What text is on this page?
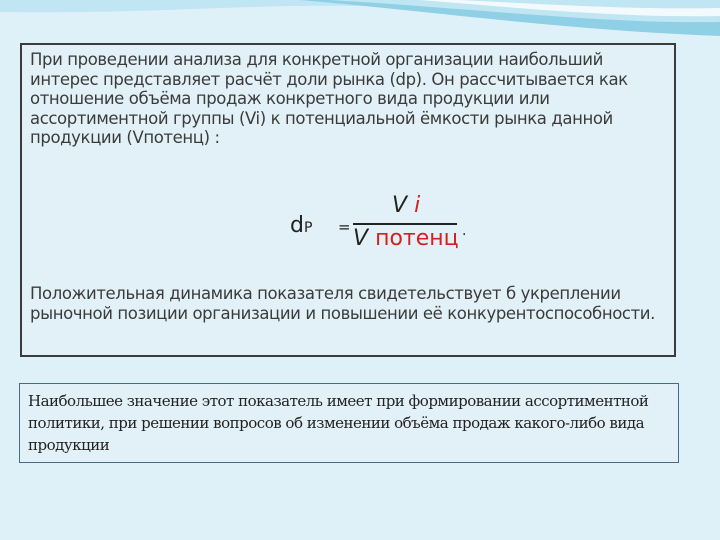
При проведении анализа для конкретной организации наибольший интерес представляет расчёт доли рынка (dp). Он рассчитывается как отношение объёма продаж конкретного вида продукции или ассортиментной группы (Vi) к потенциальной ёмкости рынка данной продукции (Vпотенц) :
dP =
V i
V потенц .
Положительная динамика показателя свидетельствует б укреплении рыночной позиции организации и повышении её конкурентоспособности.
Наибольшее значение этот показатель имеет при формировании ассортиментной политики, при решении вопросов об изменении объёма продаж какого-либо вида продукции
